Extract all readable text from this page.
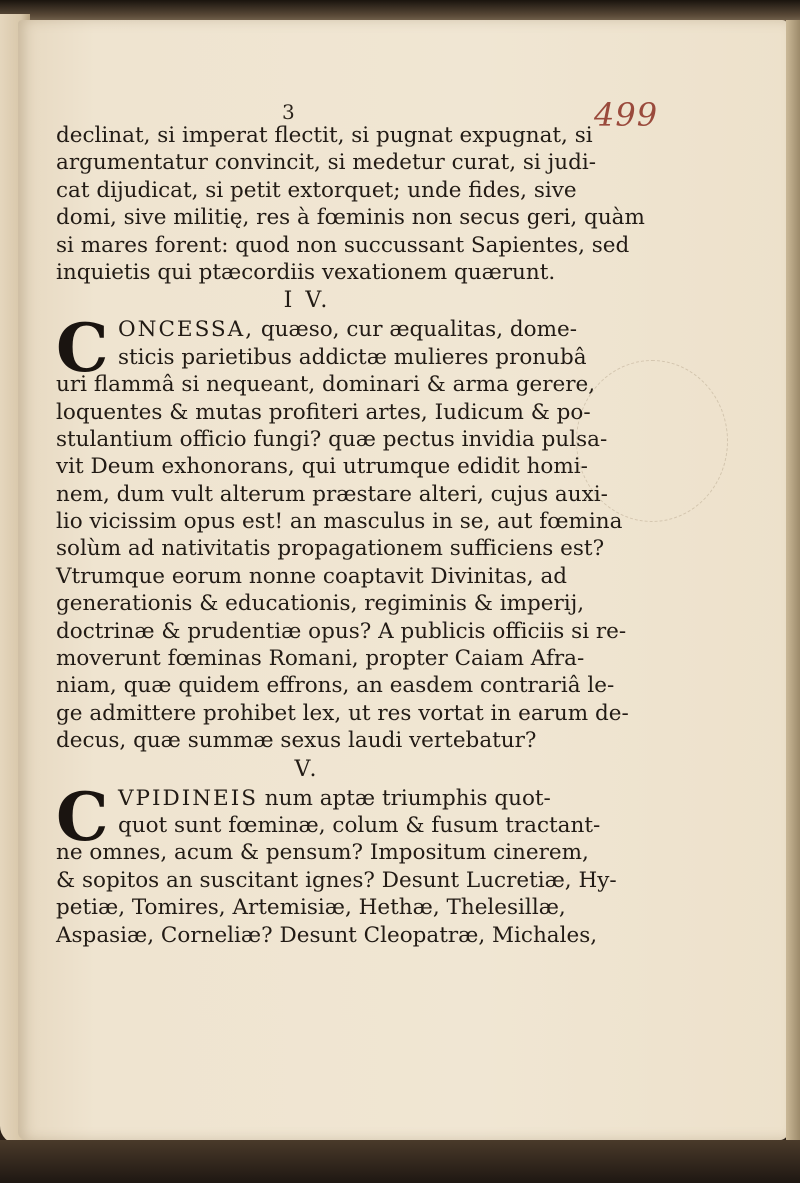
3	499
declinat, si imperat flectit, si pugnat expugnat, si
argumentatur convincit, si medetur curat, si judi-
cat dijudicat, si petit extorquet; unde fides, sive
domi, sive militię, res à fœminis non secus geri, quàm
si mares forent: quod non succussant Sapientes, sed
inquietis qui ptæcordiis vexationem quærunt.
I V.
C ONCESSA, quæso, cur æqualitas, dome-
sticis parietibus addictæ mulieres pronubâ
uri flammâ si nequeant, dominari & arma gerere,
loquentes & mutas profiteri artes, Iudicum & po-
stulantium officio fungi? quæ pectus invidia pulsa-
vit Deum exhonorans, qui utrumque edidit homi-
nem, dum vult alterum præstare alteri, cujus auxi-
lio vicissim opus est! an masculus in se, aut fœmina
solùm ad nativitatis propagationem sufficiens est?
Vtrumque eorum nonne coaptavit Divinitas, ad
generationis & educationis, regiminis & imperij,
doctrinæ & prudentiæ opus? A publicis officiis si re-
moverunt fœminas Romani, propter Caiam Afra-
niam, quæ quidem effrons, an easdem contrariâ le-
ge admittere prohibet lex, ut res vortat in earum de-
decus, quæ summæ sexus laudi vertebatur?
V.
C VPIDINEIS num aptæ triumphis quot-
quot sunt fœminæ, colum & fusum tractant-
ne omnes, acum & pensum? Impositum cinerem,
& sopitos an suscitant ignes? Desunt Lucretiæ, Hy-
petiæ, Tomires, Artemisiæ, Hethæ, Thelesillæ,
Aspasiæ, Corneliæ? Desunt Cleopatræ, Michales,
